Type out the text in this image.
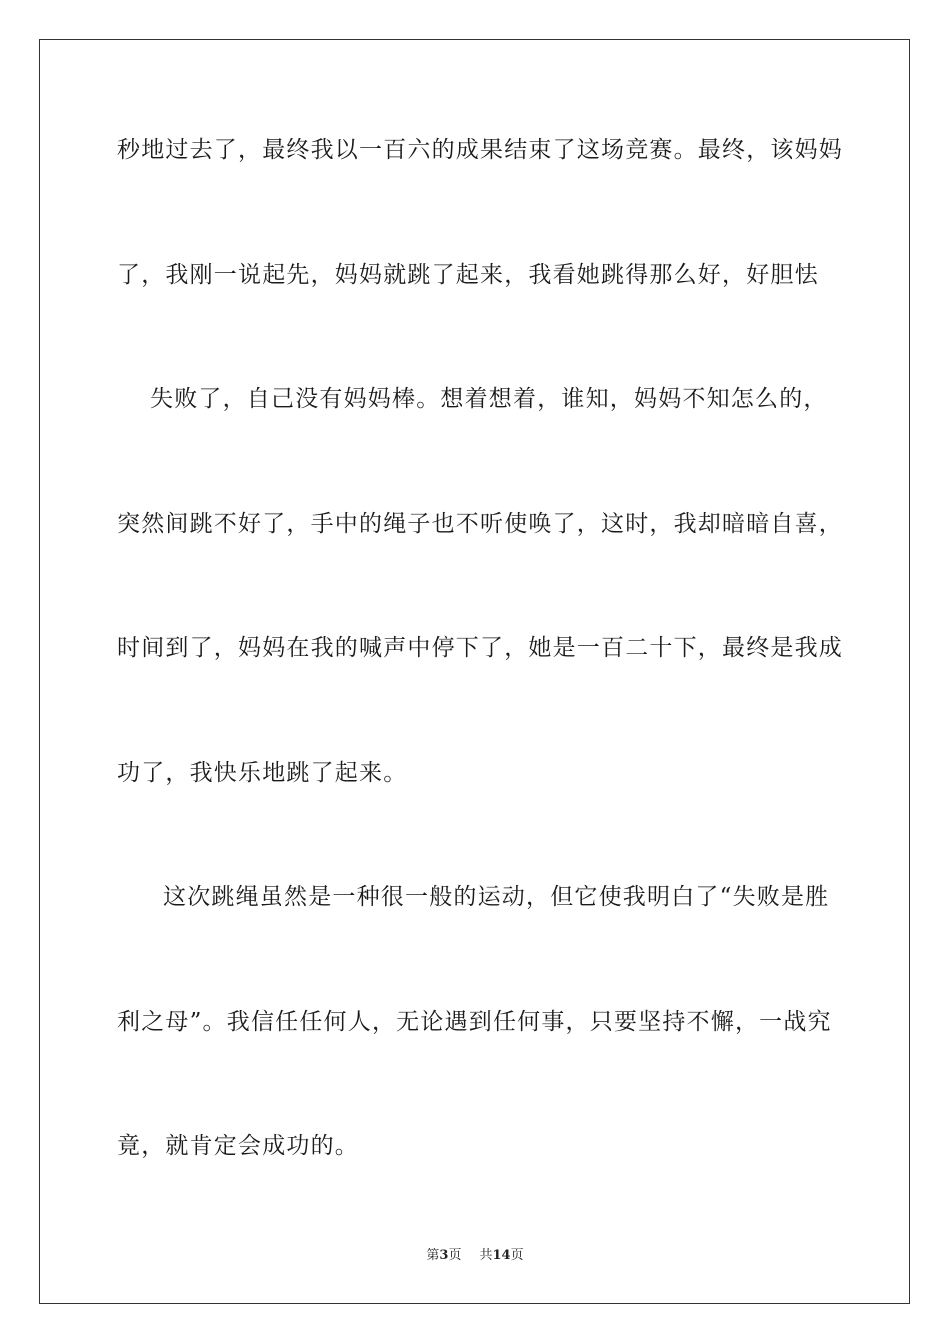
秒地过去了，最终我以一百六的成果结束了这场竞赛。最终，该妈妈
了，我刚一说起先，妈妈就跳了起来，我看她跳得那么好，好胆怯
失败了，自己没有妈妈棒。想着想着，谁知，妈妈不知怎么的，
突然间跳不好了，手中的绳子也不听使唤了，这时，我却暗暗自喜，
时间到了，妈妈在我的喊声中停下了，她是一百二十下，最终是我成
功了，我快乐地跳了起来。
这次跳绳虽然是一种很一般的运动，但它使我明白了“失败是胜
利之母”。我信任任何人，无论遇到任何事，只要坚持不懈，一战究
竟，就肯定会成功的。
第3页 共14页
